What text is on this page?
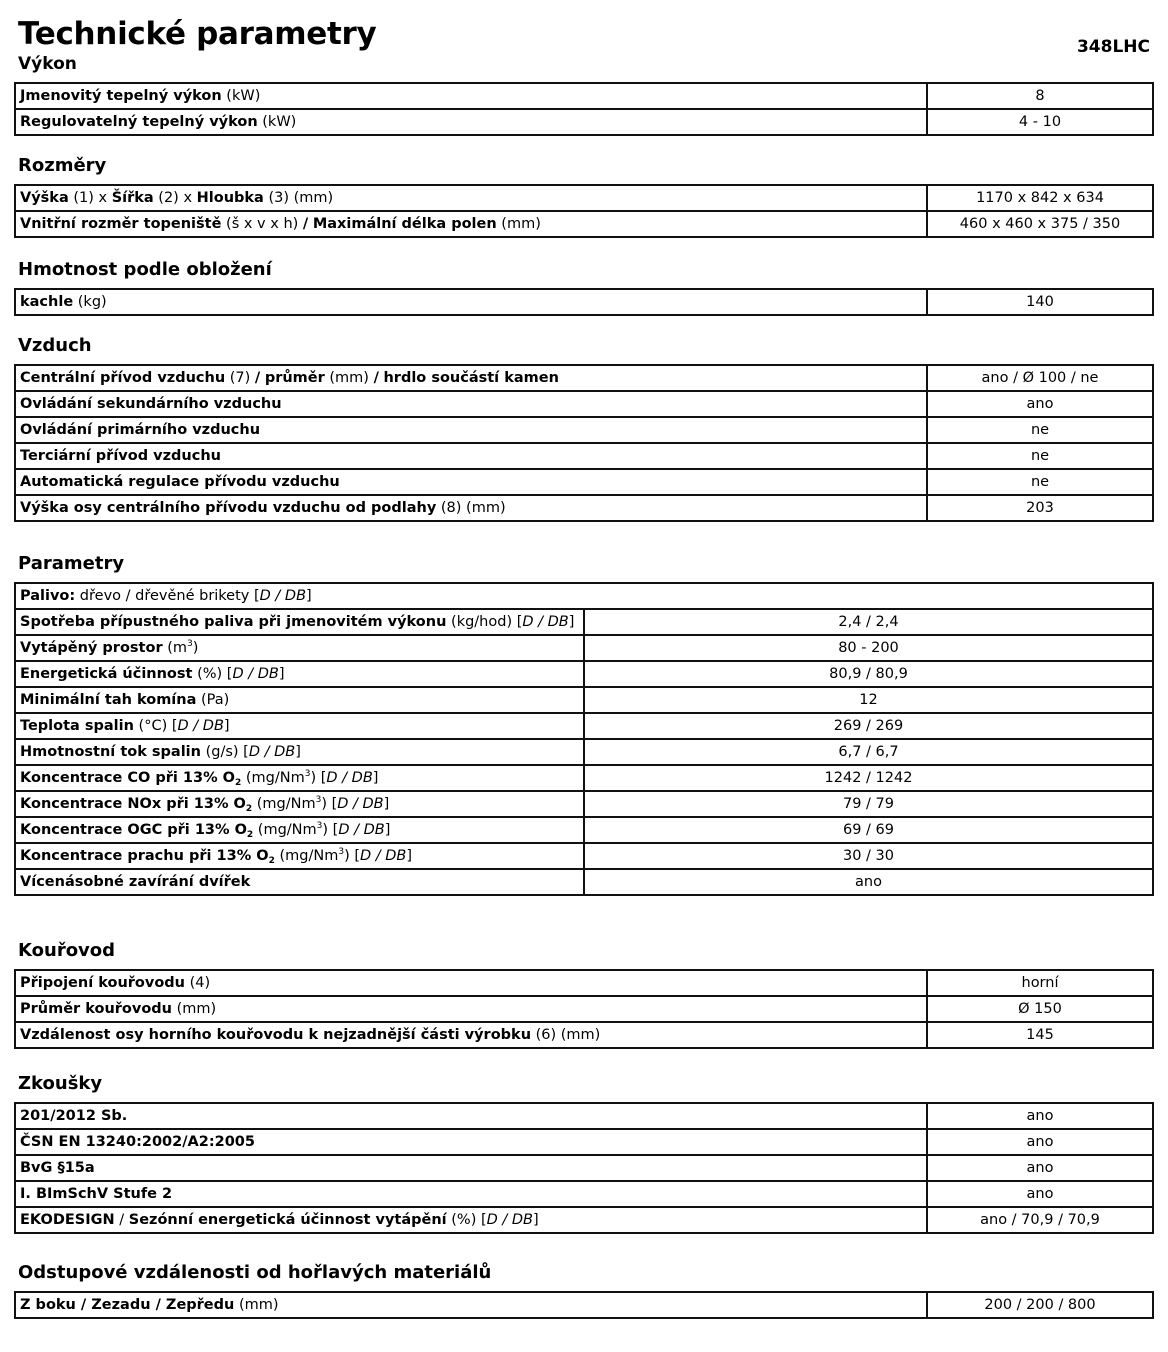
Technické parametry	348LHC
Výkon
Jmenovitý tepelný výkon (kW)	8
Regulovatelný tepelný výkon (kW)	4 - 10
Rozměry
Výška (1) x Šířka (2) x Hloubka (3) (mm)	1170 x 842 x 634
Vnitřní rozměr topeniště (š x v x h) / Maximální délka polen (mm)	460 x 460 x 375 / 350
Hmotnost podle obložení
kachle (kg)	140
Vzduch
Centrální přívod vzduchu (7) / průměr (mm) / hrdlo součástí kamen	ano / Ø 100 / ne
Ovládání sekundárního vzduchu	ano
Ovládání primárního vzduchu	ne
Terciární přívod vzduchu	ne
Automatická regulace přívodu vzduchu	ne
Výška osy centrálního přívodu vzduchu od podlahy (8) (mm)	203
Parametry
Palivo: dřevo / dřevěné brikety [D / DB]	
Spotřeba přípustného paliva při jmenovitém výkonu (kg/hod) [D / DB]	2,4 / 2,4
Vytápěný prostor $(m^3)$	80 - 200
Energetická účinnost (%) [D / DB]	80,9 / 80,9
Minimální tah komína (Pa)	12
Teplota spalin (°C) [D / DB]	269 / 269
Hmotnostní tok spalin (g/s) [D / DB]	6,7 / 6,7
Koncentrace CO při 13% $O_2$ (mg/Nm$^3$) [D / DB]	1242 / 1242
Koncentrace NOx při 13% $O_2$ (mg/Nm$^3$) [D / DB]	79 / 79
Koncentrace OGC při 13% $O_2$ (mg/Nm$^3$) [D / DB]	69 / 69
Koncentrace prachu při 13% $O_2$ (mg/Nm$^3$) [D / DB]	30 / 30
Vícenásobné zavírání dvířek	ano
Kouřovod
Připojení kouřovodu (4)	horní
Průměr kouřovodu (mm)	Ø 150
Vzdálenost osy horního kouřovodu k nejzadnější části výrobku (6) (mm)	145
Zkoušky
201/2012 Sb.	ano
ČSN EN 13240:2002/A2:2005	ano
BvG §15a	ano
I. BImSchV Stufe 2	ano
EKODESIGN / Sezónní energetická účinnost vytápění (%) [D / DB]	ano / 70,9 / 70,9
Odstupové vzdálenosti od hořlavých materiálů
Z boku / Zezadu / Zepředu (mm)	200 / 200 / 800
